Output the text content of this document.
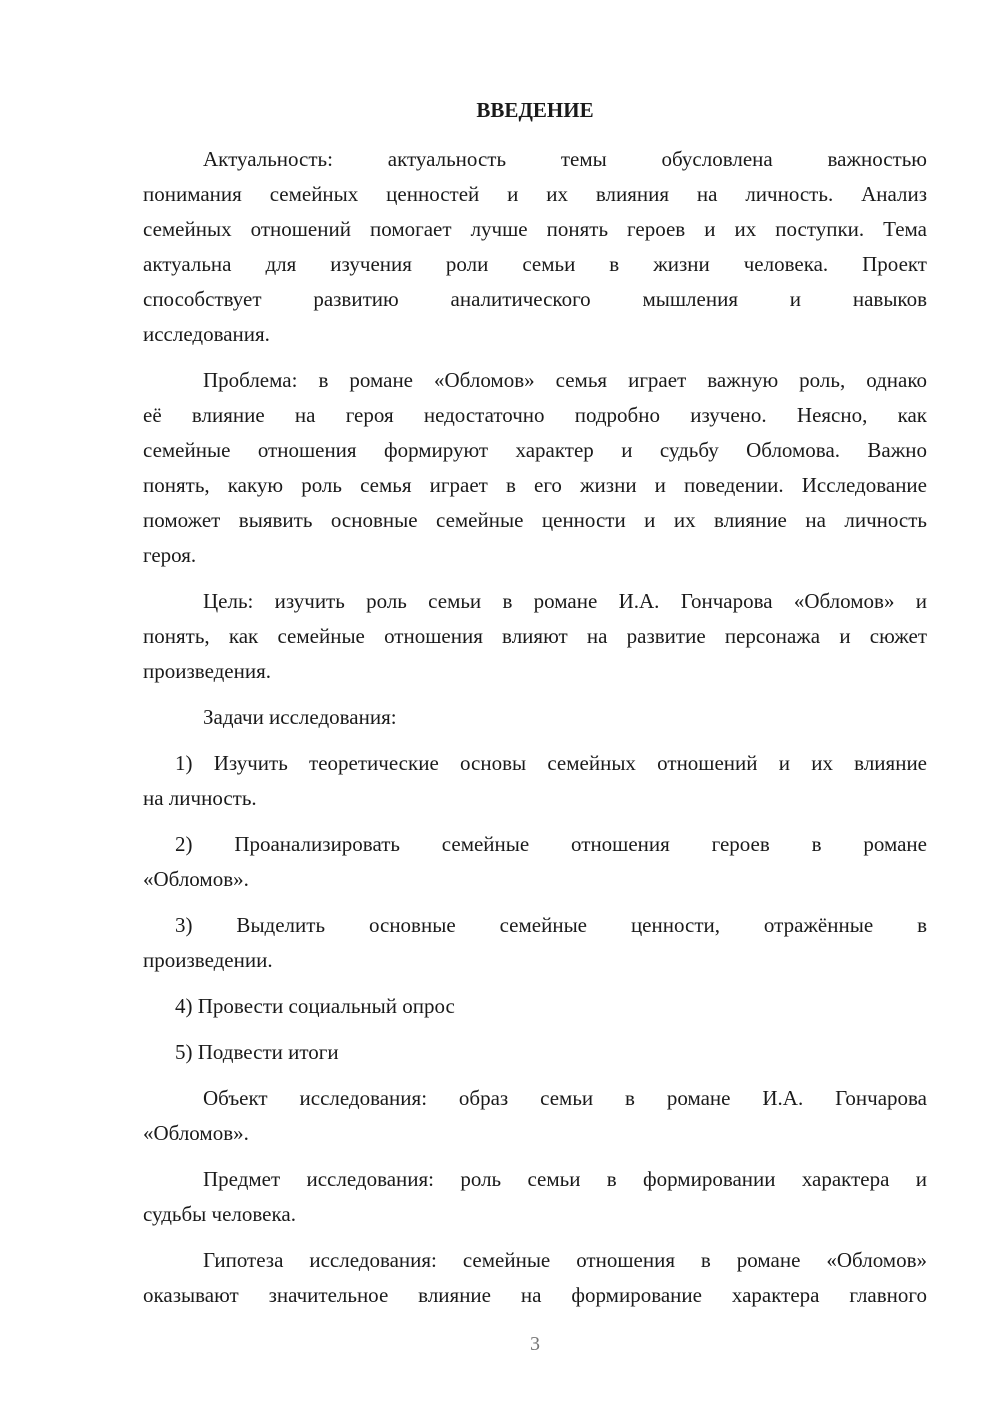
ВВЕДЕНИЕ
Актуальность: актуальность темы обусловлена важностью
понимания семейных ценностей и их влияния на личность. Анализ
семейных отношений помогает лучше понять героев и их поступки. Тема
актуальна для изучения роли семьи в жизни человека. Проект
способствует развитию аналитического мышления и навыков
исследования.
Проблема: в романе «Обломов» семья играет важную роль, однако
её влияние на героя недостаточно подробно изучено. Неясно, как
семейные отношения формируют характер и судьбу Обломова. Важно
понять, какую роль семья играет в его жизни и поведении. Исследование
поможет выявить основные семейные ценности и их влияние на личность
героя.
Цель: изучить роль семьи в романе И.А. Гончарова «Обломов» и
понять, как семейные отношения влияют на развитие персонажа и сюжет
произведения.
Задачи исследования:
1) Изучить теоретические основы семейных отношений и их влияние
на личность.
2) Проанализировать семейные отношения героев в романе
«Обломов».
3) Выделить основные семейные ценности, отражённые в
произведении.
4) Провести социальный опрос
5) Подвести итоги
Объект исследования: образ семьи в романе И.А. Гончарова
«Обломов».
Предмет исследования: роль семьи в формировании характера и
судьбы человека.
Гипотеза исследования: семейные отношения в романе «Обломов»
оказывают значительное влияние на формирование характера главного
3
